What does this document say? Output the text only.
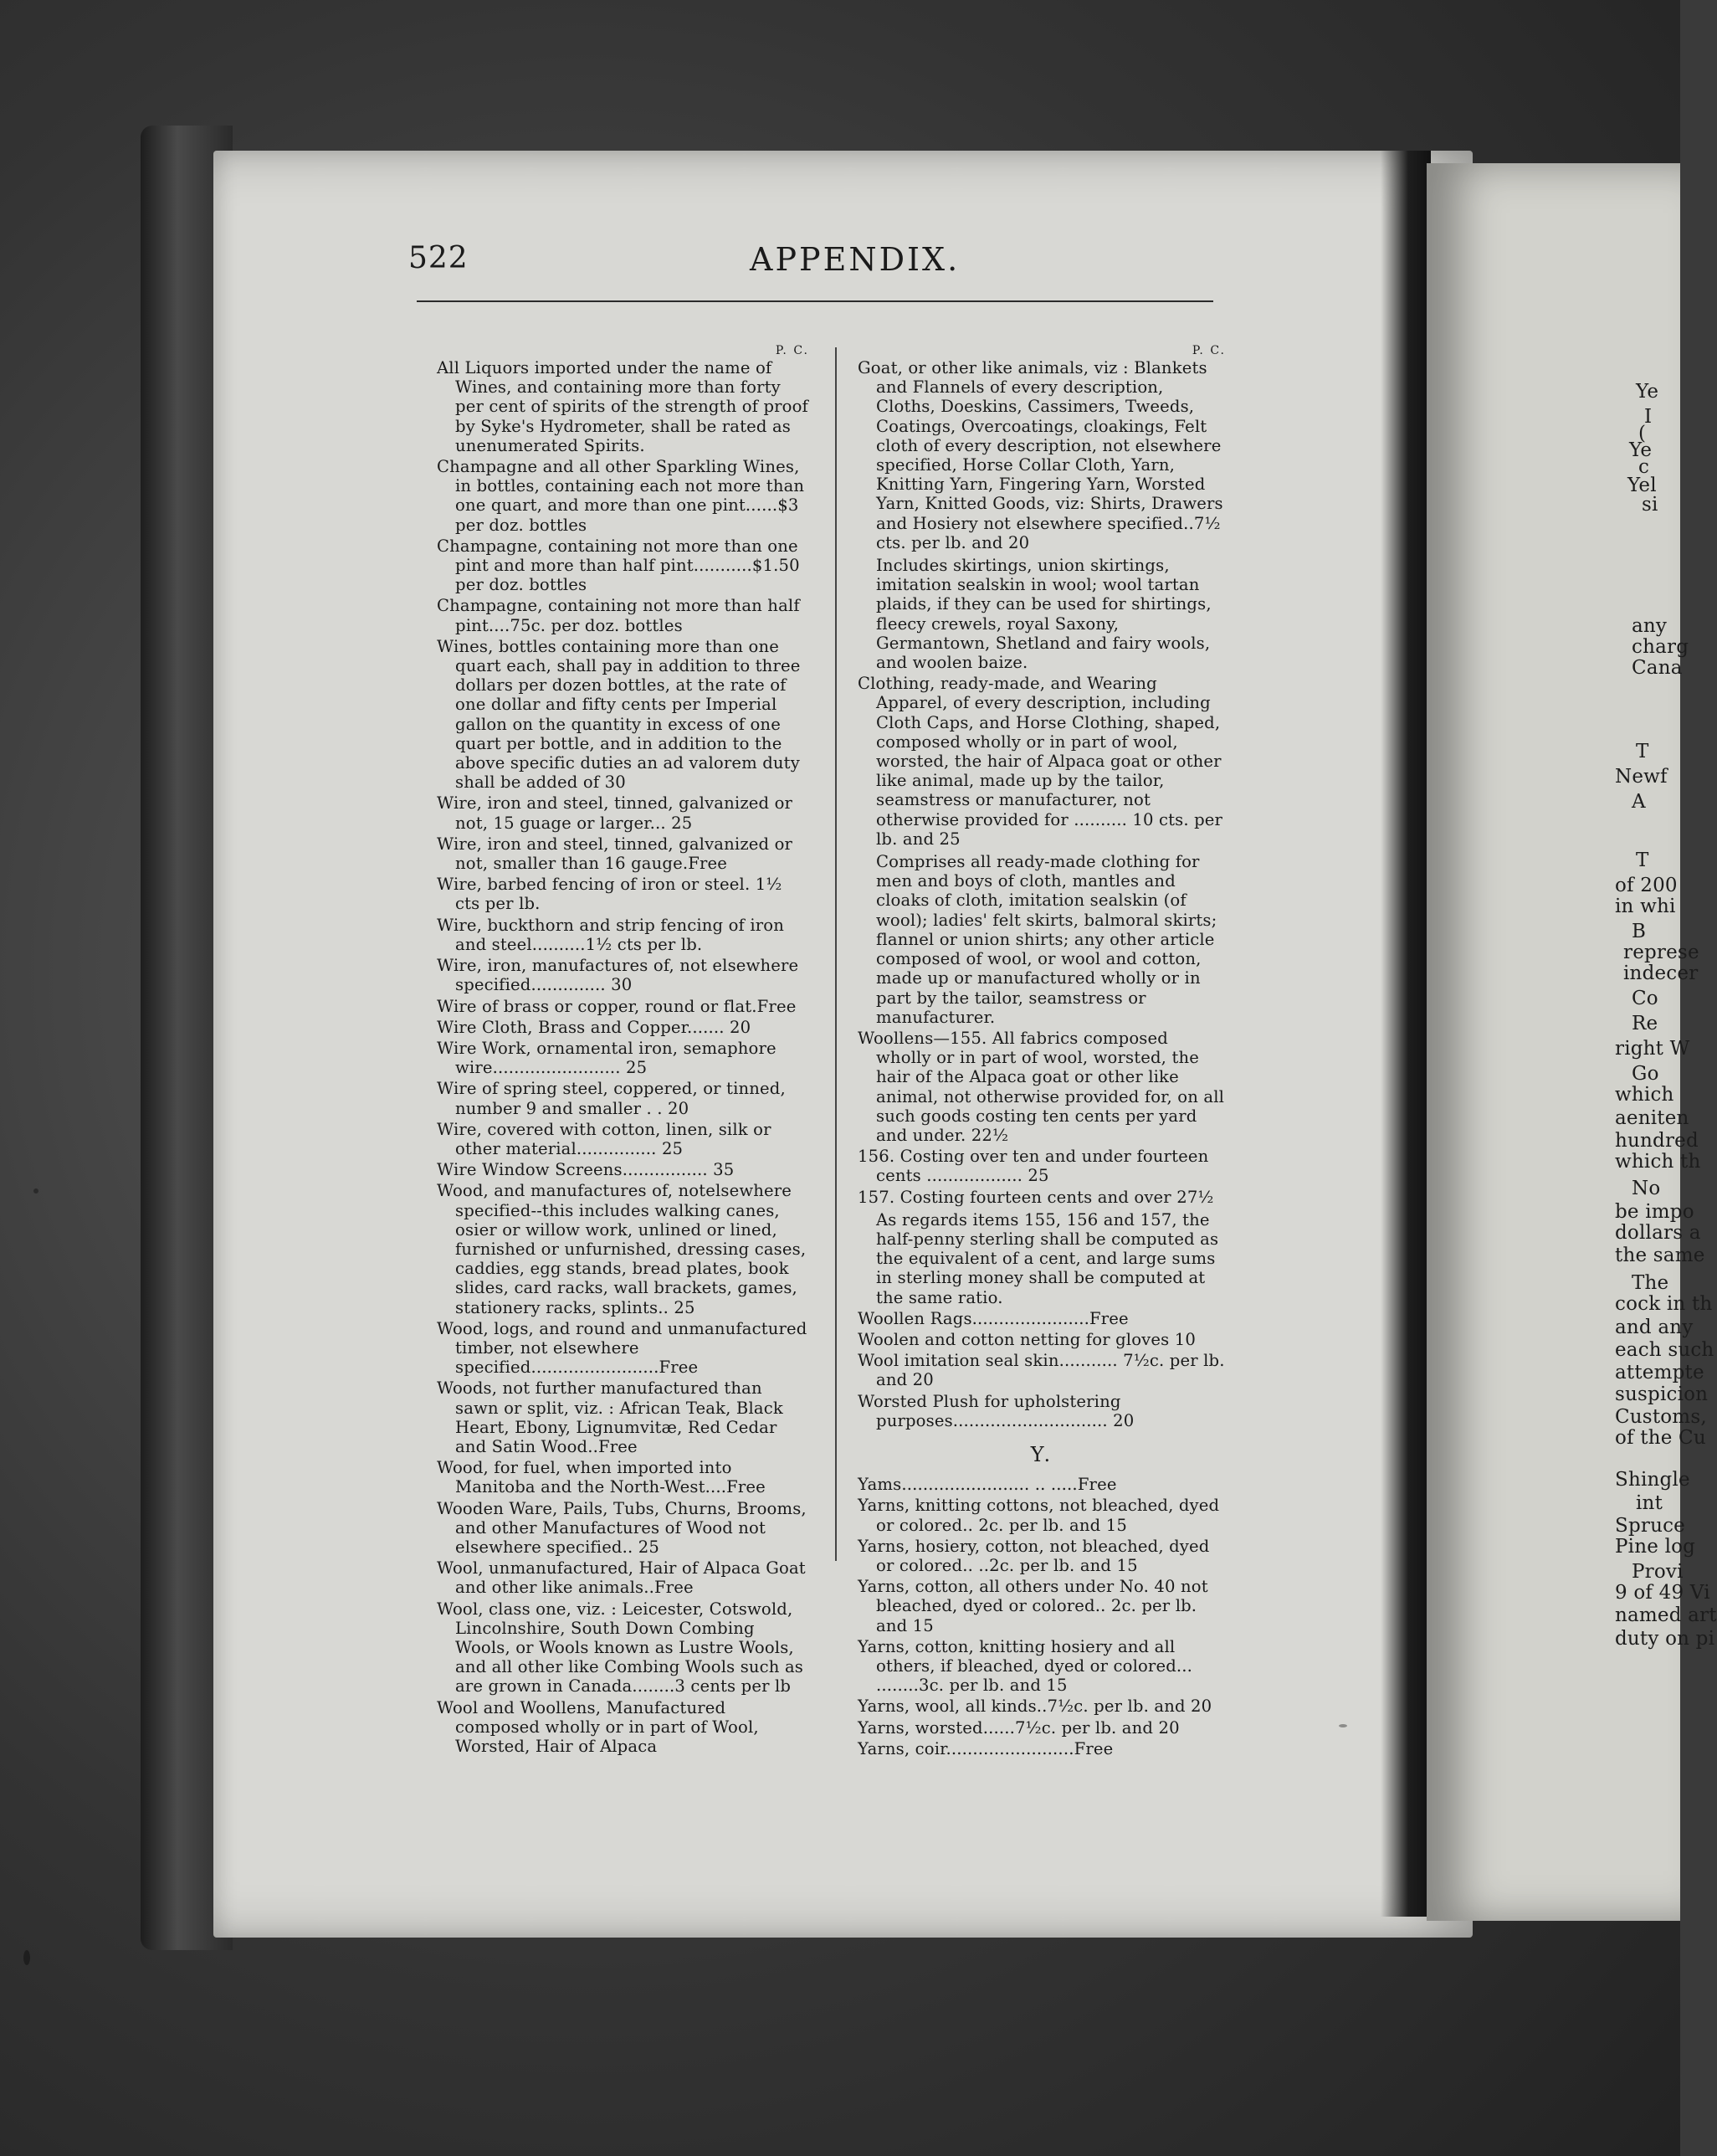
Ye
I
(
Ye
c
Yel
si
any
charg
Cana
T
Newf
A
T
of 200
in whi
B
represe
indecer
Co
Re
right W
Go
which
aeniten
hundred
which th
No
be impo
dollars a
the same
The
cock in th
and any
each such
attempte
suspicion
Customs,
of the Cu
Shingle
int
Spruce
Pine log
Provi
9 of 49 Vi
named art
duty on pi
522	APPENDIX.
P. C.

All Liquors imported under the name of Wines, and containing more than forty per cent of spirits of the strength of proof by Syke's Hydrometer, shall be rated as unenumerated Spirits.

Champagne and all other Sparkling Wines, in bottles, containing each not more than one quart, and more than one pint......$3 per doz. bottles

Champagne, containing not more than one pint and more than half pint...........$1.50 per doz. bottles

Champagne, containing not more than half pint....75c. per doz. bottles

Wines, bottles containing more than one quart each, shall pay in addition to three dollars per dozen bottles, at the rate of one dollar and fifty cents per Imperial gallon on the quantity in excess of one quart per bottle, and in addition to the above specific duties an ad valorem duty shall be added of 30

Wire, iron and steel, tinned, galvanized or not, 15 guage or larger... 25

Wire, iron and steel, tinned, galvanized or not, smaller than 16 gauge.Free

Wire, barbed fencing of iron or steel. 1½ cts per lb.

Wire, buckthorn and strip fencing of iron and steel..........1½ cts per lb.

Wire, iron, manufactures of, not elsewhere specified.............. 30

Wire of brass or copper, round or flat.Free

Wire Cloth, Brass and Copper....... 20

Wire Work, ornamental iron, semaphore wire........................ 25

Wire of spring steel, coppered, or tinned, number 9 and smaller . . 20

Wire, covered with cotton, linen, silk or other material............... 25

Wire Window Screens................ 35

Wood, and manufactures of, notelsewhere specified--this includes walking canes, osier or willow work, unlined or lined, furnished or unfurnished, dressing cases, caddies, egg stands, bread plates, book slides, card racks, wall brackets, games, stationery racks, splints.. 25

Wood, logs, and round and unmanufactured timber, not elsewhere specified........................Free

Woods, not further manufactured than sawn or split, viz. : African Teak, Black Heart, Ebony, Lignumvitæ, Red Cedar and Satin Wood..Free

Wood, for fuel, when imported into Manitoba and the North-West....Free

Wooden Ware, Pails, Tubs, Churns, Brooms, and other Manufactures of Wood not elsewhere specified.. 25

Wool, unmanufactured, Hair of Alpaca Goat and other like animals..Free

Wool, class one, viz. : Leicester, Cotswold, Lincolnshire, South Down Combing Wools, or Wools known as Lustre Wools, and all other like Combing Wools such as are grown in Canada........3 cents per lb

Wool and Woollens, Manufactured composed wholly or in part of Wool, Worsted, Hair of Alpaca

P. C.

Goat, or other like animals, viz : Blankets and Flannels of every description, Cloths, Doeskins, Cassimers, Tweeds, Coatings, Overcoatings, cloakings, Felt cloth of every description, not elsewhere specified, Horse Collar Cloth, Yarn, Knitting Yarn, Fingering Yarn, Worsted Yarn, Knitted Goods, viz: Shirts, Drawers and Hosiery not elsewhere specified..7½ cts. per lb. and 20

Includes skirtings, union skirtings, imitation sealskin in wool; wool tartan plaids, if they can be used for shirtings, fleecy crewels, royal Saxony, Germantown, Shetland and fairy wools, and woolen baize.

Clothing, ready-made, and Wearing Apparel, of every description, including Cloth Caps, and Horse Clothing, shaped, composed wholly or in part of wool, worsted, the hair of Alpaca goat or other like animal, made up by the tailor, seamstress or manufacturer, not otherwise provided for .......... 10 cts. per lb. and 25

Comprises all ready-made clothing for men and boys of cloth, mantles and cloaks of cloth, imitation sealskin (of wool); ladies' felt skirts, balmoral skirts; flannel or union shirts; any other article composed of wool, or wool and cotton, made up or manufactured wholly or in part by the tailor, seamstress or manufacturer.

Woollens—155. All fabrics composed wholly or in part of wool, worsted, the hair of the Alpaca goat or other like animal, not otherwise provided for, on all such goods costing ten cents per yard and under. 22½

156. Costing over ten and under fourteen cents .................. 25

157. Costing fourteen cents and over 27½

As regards items 155, 156 and 157, the half-penny sterling shall be computed as the equivalent of a cent, and large sums in sterling money shall be computed at the same ratio.

Woollen Rags......................Free

Woolen and cotton netting for gloves 10

Wool imitation seal skin........... 7½c. per lb. and 20

Worsted Plush for upholstering purposes............................. 20

Y.

Yams........................ .. .....Free

Yarns, knitting cottons, not bleached, dyed or colored.. 2c. per lb. and 15

Yarns, hosiery, cotton, not bleached, dyed or colored.. ..2c. per lb. and 15

Yarns, cotton, all others under No. 40 not bleached, dyed or colored.. 2c. per lb. and 15

Yarns, cotton, knitting hosiery and all others, if bleached, dyed or colored... ........3c. per lb. and 15

Yarns, wool, all kinds..7½c. per lb. and 20

Yarns, worsted......7½c. per lb. and 20

Yarns, coir........................Free
